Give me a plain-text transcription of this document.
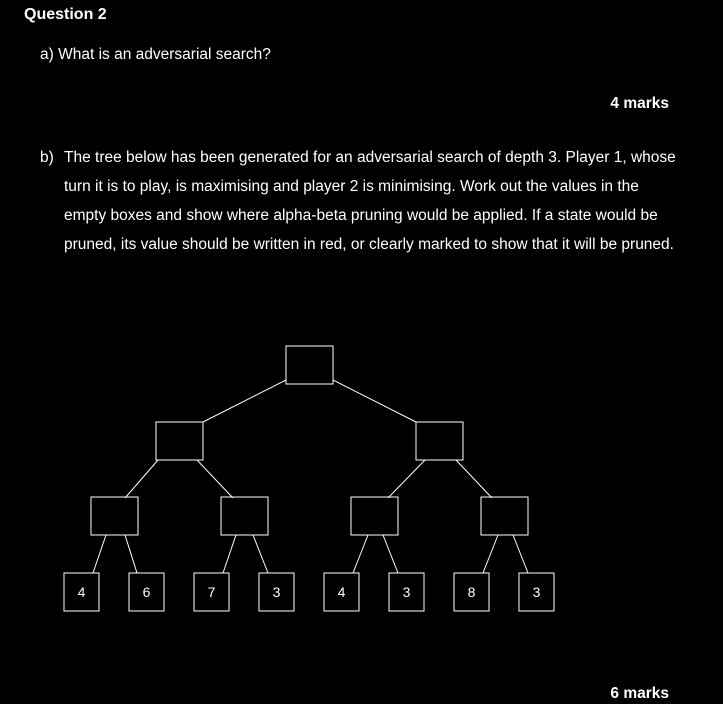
Question 2
a) What is an adversarial search?
4 marks
b) The tree below has been generated for an adversarial search of depth 3. Player 1, whose turn it is to play, is maximising and player 2 is minimising. Work out the values in the empty boxes and show where alpha-beta pruning would be applied. If a state would be pruned, its value should be written in red, or clearly marked to show that it will be pruned.
4	6	7	3	4	3	8	3
6 marks
